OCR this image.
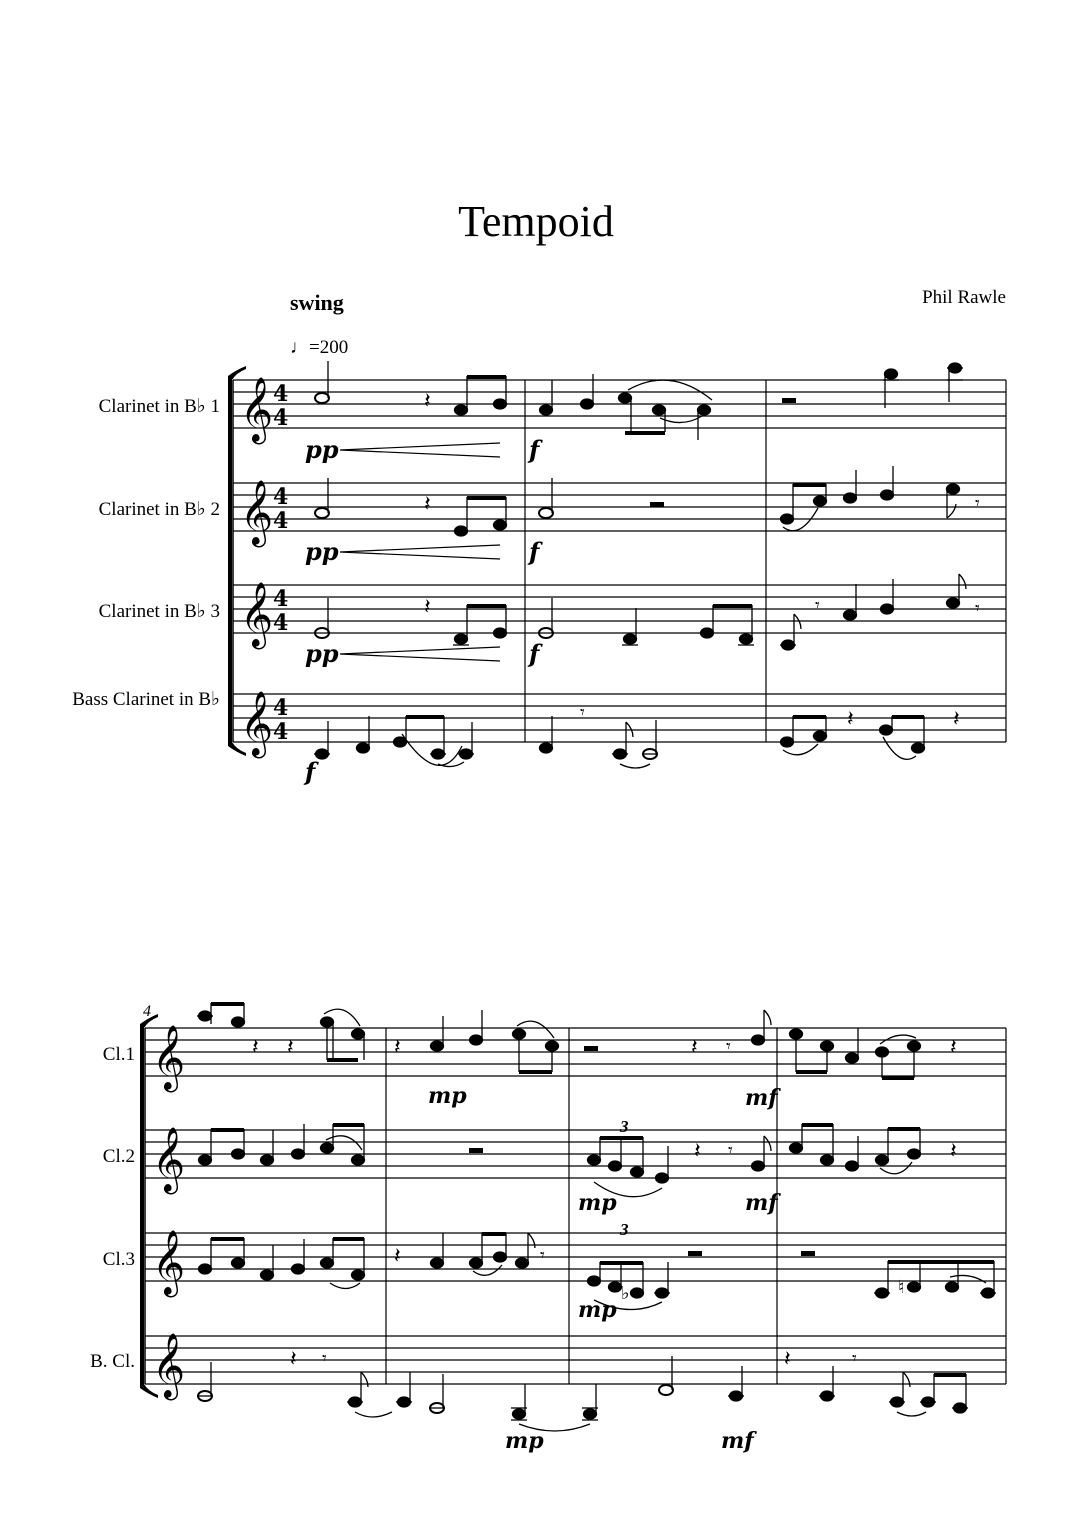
Tempoid
Phil Rawle
swing
♩=200
Clarinet in B♭ 1
Clarinet in B♭ 2
Clarinet in B♭ 3
Bass Clarinet in B♭
Cl.1
Cl.2
Cl.3
B. Cl.
𝄞
𝄞
𝄞
𝄞
𝄞
𝄞
𝄞
𝄞
4
4
4
4
4
4
4
4
4
3
3
𝄽
𝄽	𝄾
𝄽	𝄾	𝄾
𝄾	𝄽	𝄽
pp	f
pp	f
pp	f
f
𝄽 𝄽	𝄽	𝄽 𝄾	𝄽
𝄽 𝄾	𝄽
𝄽	𝄾
♭	♮
𝄽 𝄾	𝄽	𝄾
mp	mf
mp	mf
mp
mp	mf
